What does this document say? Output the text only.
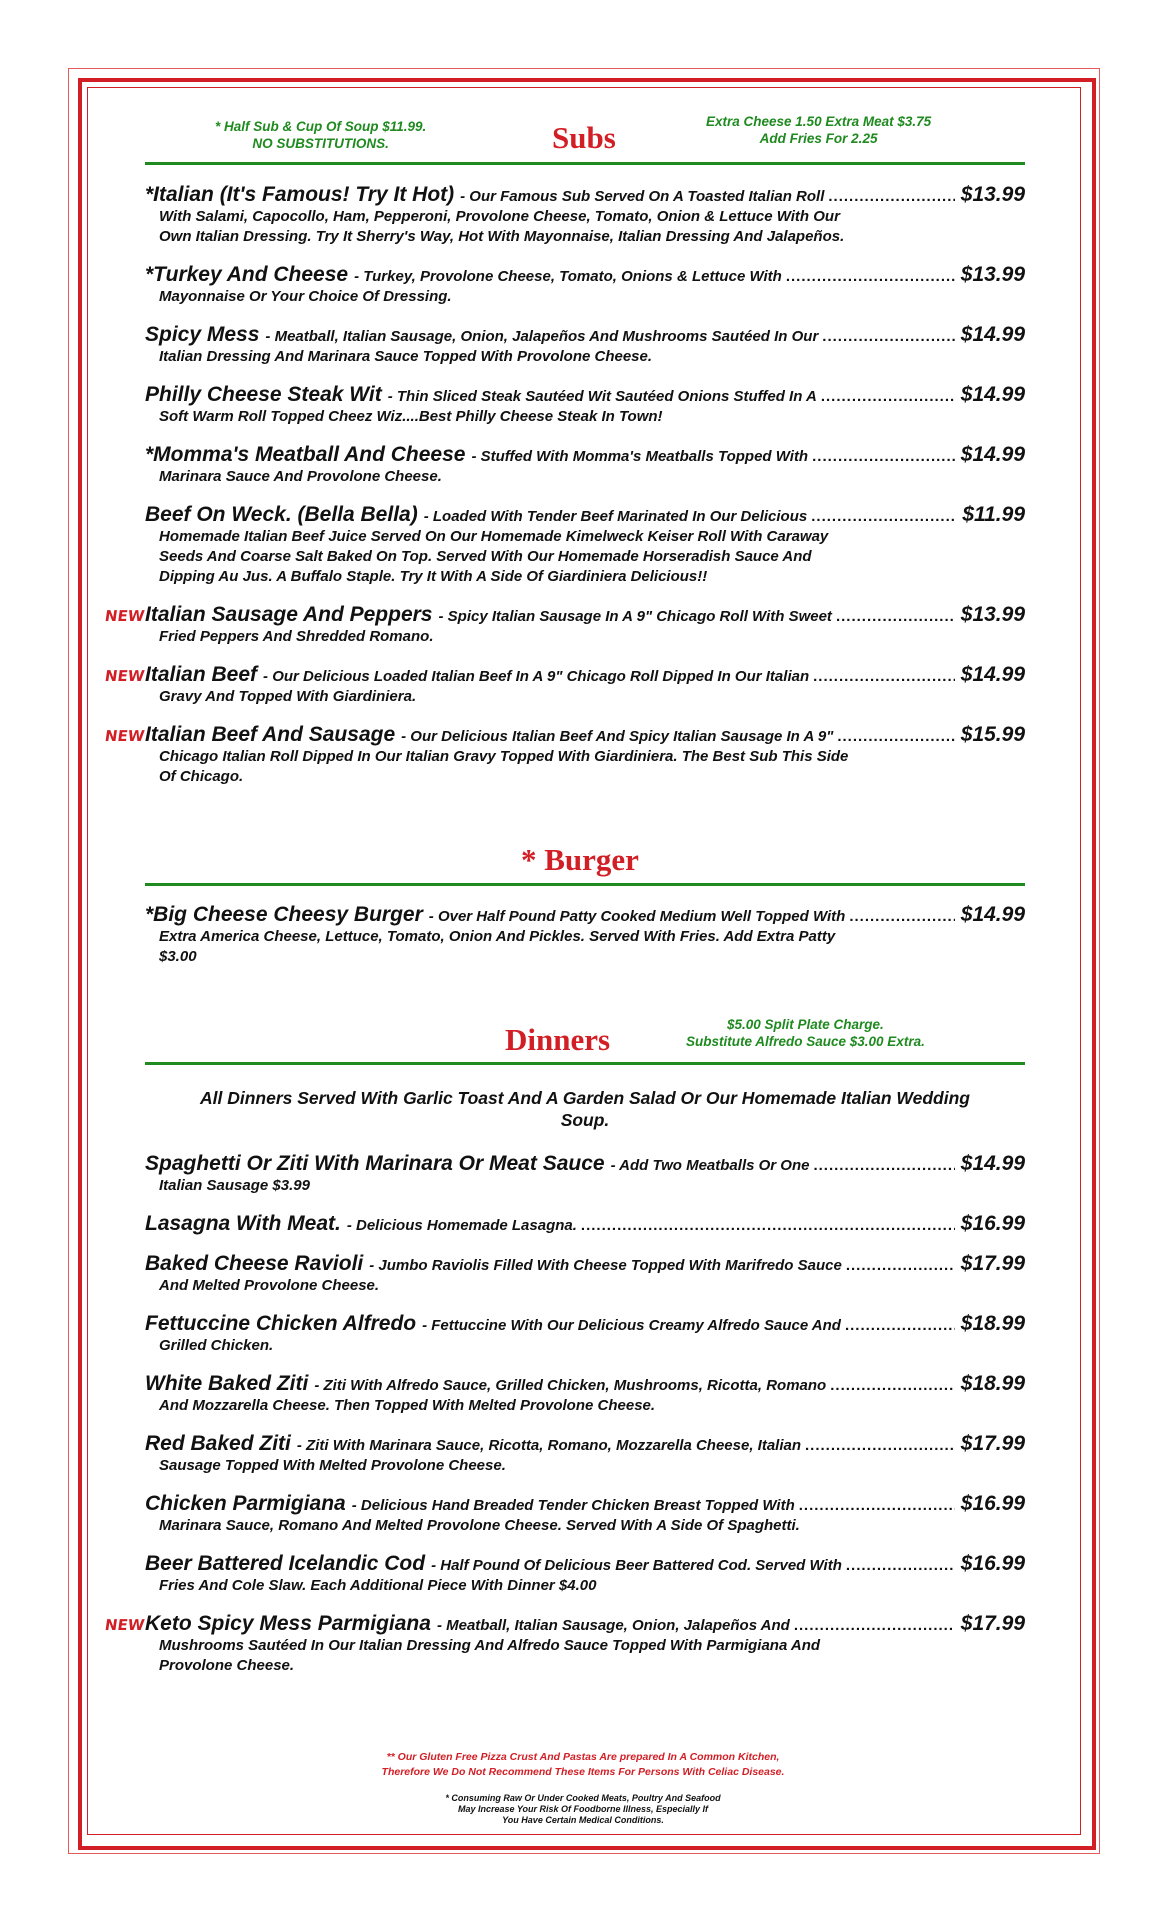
* Half Sub & Cup Of Soup $11.99.
NO SUBSTITUTIONS.	Subs	Extra Cheese 1.50 Extra Meat $3.75
Add Fries For 2.25
*Italian (It's Famous! Try It Hot) - Our Famous Sub Served On A Toasted Italian Roll .....	$13.99
With Salami, Capocollo, Ham, Pepperoni, Provolone Cheese, Tomato, Onion & Lettuce With Our
Own Italian Dressing. Try It Sherry's Way, Hot With Mayonnaise, Italian Dressing And Jalapeños.
*Turkey And Cheese - Turkey, Provolone Cheese, Tomato, Onions & Lettuce With .....	$13.99
Mayonnaise Or Your Choice Of Dressing.
Spicy Mess - Meatball, Italian Sausage, Onion, Jalapeños And Mushrooms Sautéed In Our .....	$14.99
Italian Dressing And Marinara Sauce Topped With Provolone Cheese.
Philly Cheese Steak Wit - Thin Sliced Steak Sautéed Wit Sautéed Onions Stuffed In A .....	$14.99
Soft Warm Roll Topped Cheez Wiz....Best Philly Cheese Steak In Town!
*Momma's Meatball And Cheese - Stuffed With Momma's Meatballs Topped With .....	$14.99
Marinara Sauce And Provolone Cheese.
Beef On Weck. (Bella Bella) - Loaded With Tender Beef Marinated In Our Delicious .....	$11.99
Homemade Italian Beef Juice Served On Our Homemade Kimelweck Keiser Roll With Caraway
Seeds And Coarse Salt Baked On Top. Served With Our Homemade Horseradish Sauce And
Dipping Au Jus. A Buffalo Staple. Try It With A Side Of Giardiniera Delicious!!
NEW Italian Sausage And Peppers - Spicy Italian Sausage In A 9" Chicago Roll With Sweet .....	$13.99
Fried Peppers And Shredded Romano.
NEW Italian Beef - Our Delicious Loaded Italian Beef In A 9" Chicago Roll Dipped In Our Italian .....	$14.99
Gravy And Topped With Giardiniera.
NEW Italian Beef And Sausage - Our Delicious Italian Beef And Spicy Italian Sausage In A 9" .....	$15.99
Chicago Italian Roll Dipped In Our Italian Gravy Topped With Giardiniera. The Best Sub This Side
Of Chicago.
* Burger
*Big Cheese Cheesy Burger - Over Half Pound Patty Cooked Medium Well Topped With .....	$14.99
Extra America Cheese, Lettuce, Tomato, Onion And Pickles. Served With Fries. Add Extra Patty
$3.00
Dinners	$5.00 Split Plate Charge.
Substitute Alfredo Sauce $3.00 Extra.
All Dinners Served With Garlic Toast And A Garden Salad Or Our Homemade Italian Wedding
Soup.
Spaghetti Or Ziti With Marinara Or Meat Sauce - Add Two Meatballs Or One .....	$14.99
Italian Sausage $3.99
Lasagna With Meat. - Delicious Homemade Lasagna. .....	$16.99
Baked Cheese Ravioli - Jumbo Raviolis Filled With Cheese Topped With Marifredo Sauce .....	$17.99
And Melted Provolone Cheese.
Fettuccine Chicken Alfredo - Fettuccine With Our Delicious Creamy Alfredo Sauce And .....	$18.99
Grilled Chicken.
White Baked Ziti - Ziti With Alfredo Sauce, Grilled Chicken, Mushrooms, Ricotta, Romano .....	$18.99
And Mozzarella Cheese. Then Topped With Melted Provolone Cheese.
Red Baked Ziti - Ziti With Marinara Sauce, Ricotta, Romano, Mozzarella Cheese, Italian .....	$17.99
Sausage Topped With Melted Provolone Cheese.
Chicken Parmigiana - Delicious Hand Breaded Tender Chicken Breast Topped With .....	$16.99
Marinara Sauce, Romano And Melted Provolone Cheese. Served With A Side Of Spaghetti.
Beer Battered Icelandic Cod - Half Pound Of Delicious Beer Battered Cod. Served With .....	$16.99
Fries And Cole Slaw. Each Additional Piece With Dinner $4.00
NEW Keto Spicy Mess Parmigiana - Meatball, Italian Sausage, Onion, Jalapeños And .....	$17.99
Mushrooms Sautéed In Our Italian Dressing And Alfredo Sauce Topped With Parmigiana And
Provolone Cheese.
** Our Gluten Free Pizza Crust And Pastas Are prepared In A Common Kitchen,
Therefore We Do Not Recommend These Items For Persons With Celiac Disease.
* Consuming Raw Or Under Cooked Meats, Poultry And Seafood
May Increase Your Risk Of Foodborne Illness, Especially If
You Have Certain Medical Conditions.
